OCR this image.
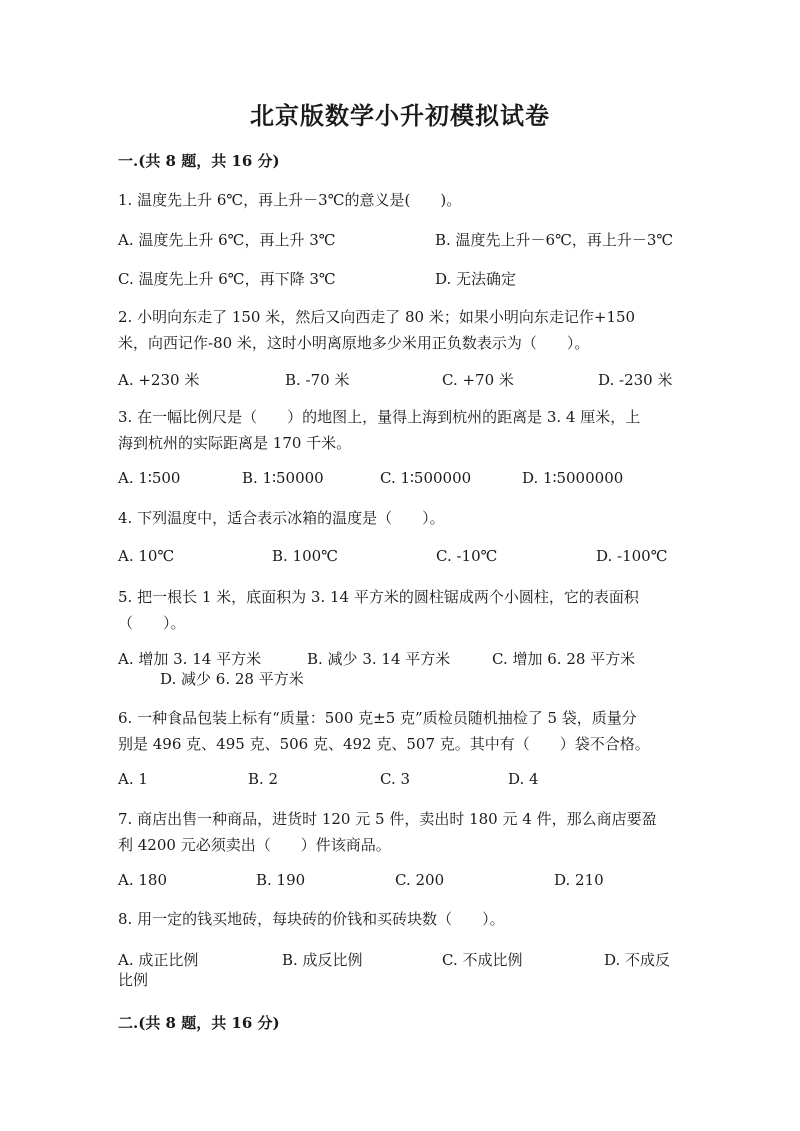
北京版数学小升初模拟试卷
一.(共 8 题，共 16 分)
1. 温度先上升 6℃，再上升－3℃的意义是(　　)。
A. 温度先上升 6℃，再上升 3℃	B. 温度先上升－6℃，再上升－3℃
C. 温度先上升 6℃，再下降 3℃	D. 无法确定
2. 小明向东走了 150 米，然后又向西走了 80 米；如果小明向东走记作+150
米，向西记作-80 米，这时小明离原地多少米用正负数表示为（　　）。
A. +230 米	B. -70 米	C. +70 米	D. -230 米
3. 在一幅比例尺是（　　）的地图上，量得上海到杭州的距离是 3. 4 厘米，上
海到杭州的实际距离是 170 千米。
A. 1∶500	B. 1∶50000	C. 1∶500000	D. 1∶5000000
4. 下列温度中，适合表示冰箱的温度是（　　）。
A. 10℃	B. 100℃	C. -10℃	D. -100℃
5. 把一根长 1 米，底面积为 3. 14 平方米的圆柱锯成两个小圆柱，它的表面积
（　　）。
A. 增加 3. 14 平方米	B. 减少 3. 14 平方米	C. 增加 6. 28 平方米
D. 减少 6. 28 平方米
6. 一种食品包装上标有“质量：500 克±5 克”质检员随机抽检了 5 袋，质量分
别是 496 克、495 克、506 克、492 克、507 克。其中有（　　）袋不合格。
A. 1	B. 2	C. 3	D. 4
7. 商店出售一种商品，进货时 120 元 5 件，卖出时 180 元 4 件，那么商店要盈
利 4200 元必须卖出（　　）件该商品。
A. 180	B. 190	C. 200	D. 210
8. 用一定的钱买地砖，每块砖的价钱和买砖块数（　　）。
A. 成正比例	B. 成反比例	C. 不成比例	D. 不成反
比例
二.(共 8 题，共 16 分)
